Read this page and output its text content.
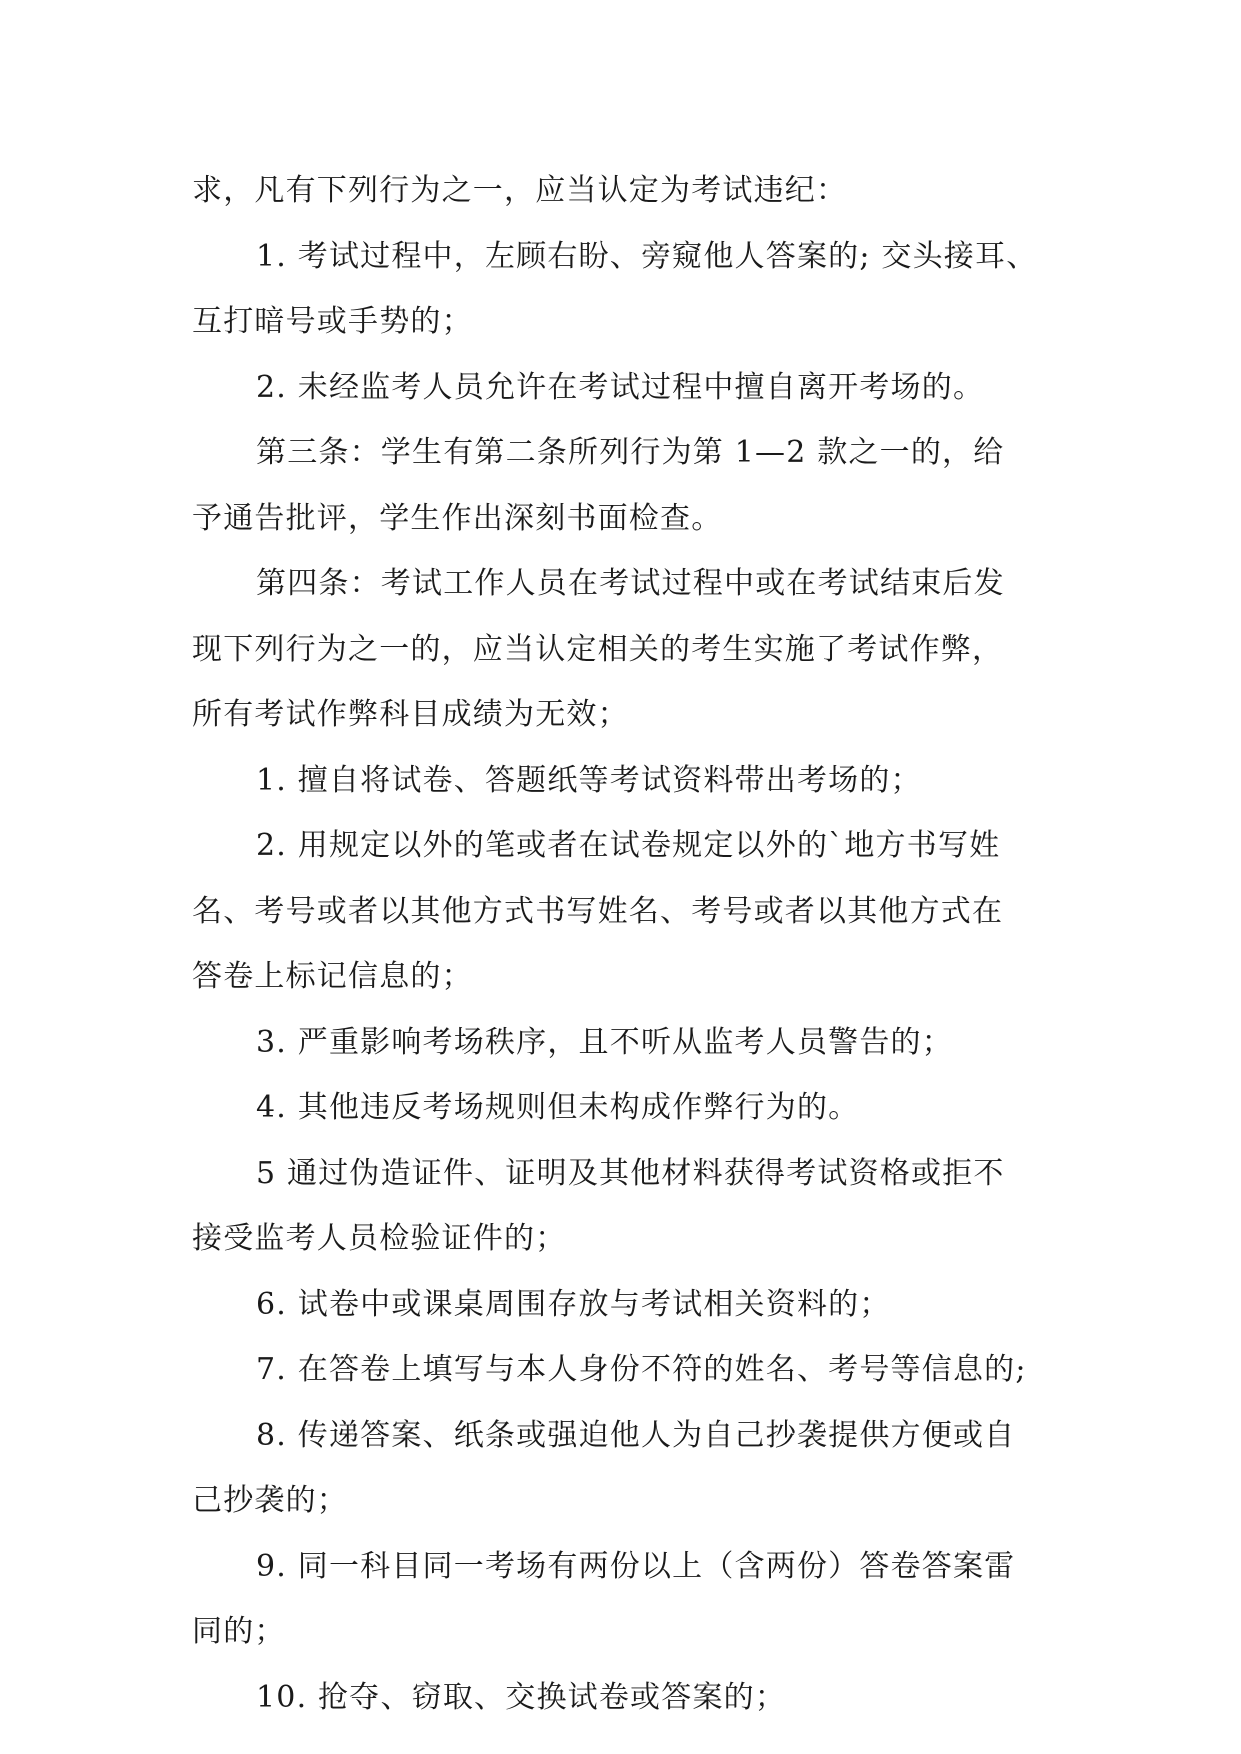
求，凡有下列行为之一，应当认定为考试违纪：
1. 考试过程中，左顾右盼、旁窥他人答案的; 交头接耳、
互打暗号或手势的；
2. 未经监考人员允许在考试过程中擅自离开考场的。
第三条：学生有第二条所列行为第 1—2 款之一的，给
予通告批评，学生作出深刻书面检查。
第四条：考试工作人员在考试过程中或在考试结束后发
现下列行为之一的，应当认定相关的考生实施了考试作弊，
所有考试作弊科目成绩为无效；
1. 擅自将试卷、答题纸等考试资料带出考场的；
2. 用规定以外的笔或者在试卷规定以外的`地方书写姓
名、考号或者以其他方式书写姓名、考号或者以其他方式在
答卷上标记信息的；
3. 严重影响考场秩序，且不听从监考人员警告的；
4. 其他违反考场规则但未构成作弊行为的。
5 通过伪造证件、证明及其他材料获得考试资格或拒不
接受监考人员检验证件的；
6. 试卷中或课桌周围存放与考试相关资料的；
7. 在答卷上填写与本人身份不符的姓名、考号等信息的;
8. 传递答案、纸条或强迫他人为自己抄袭提供方便或自
己抄袭的；
9. 同一科目同一考场有两份以上（含两份）答卷答案雷
同的；
10. 抢夺、窃取、交换试卷或答案的；
